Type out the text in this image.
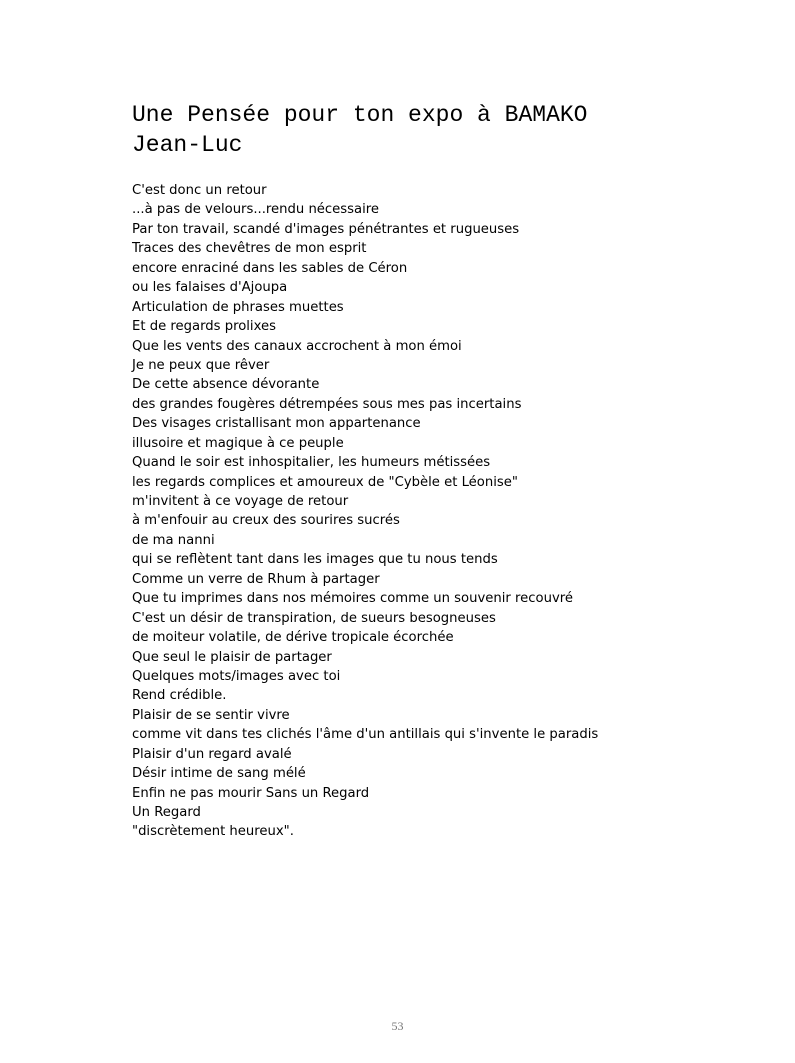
Une Pensée pour ton expo à BAMAKO
Jean-Luc
C'est donc un retour
...à pas de velours...rendu nécessaire
Par ton travail, scandé d'images pénétrantes et rugueuses
Traces des chevêtres de mon esprit
encore enraciné dans les sables de Céron
ou les falaises d'Ajoupa
Articulation de phrases muettes
Et de regards prolixes
Que les vents des canaux accrochent à mon émoi
Je ne peux que rêver
De cette absence dévorante
des grandes fougères détrempées sous mes pas incertains
Des visages cristallisant mon appartenance
illusoire et magique à ce peuple
Quand le soir est inhospitalier, les humeurs métissées
les regards complices et amoureux de "Cybèle et Léonise"
m'invitent à ce voyage de retour
à m'enfouir au creux des sourires sucrés
de ma nanni
qui se reflètent tant dans les images que tu nous tends
Comme un verre de Rhum à partager
Que tu imprimes dans nos mémoires comme un souvenir recouvré
C'est un désir de transpiration, de sueurs besogneuses
de moiteur volatile, de dérive tropicale écorchée
Que seul le plaisir de partager
Quelques mots/images avec toi
Rend crédible.
Plaisir de se sentir vivre
comme vit dans tes clichés l'âme d'un antillais qui s'invente le paradis
Plaisir d'un regard avalé
Désir intime de sang mélé
Enfin ne pas mourir Sans un Regard
Un Regard
"discrètement heureux".
53
